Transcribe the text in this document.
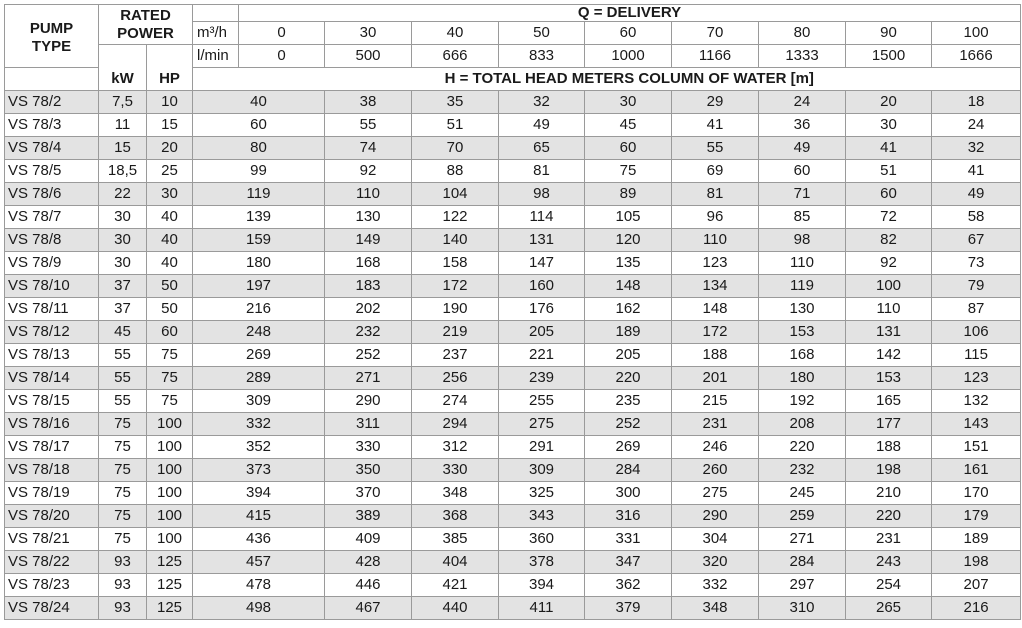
PUMP
TYPE	RATED
POWER			Q = DELIVERY								
			m³/h	0	30	40	50	60	70	80	90	100
	kW	HP	l/min	0	500	666	833	1000	1166	1333	1500	1666
				H = TOTAL HEAD METERS COLUMN OF WATER [m]								
VS 78/2	7,5	10	40		38	35	32	30	29	24	20	18
VS 78/3	11	15	60		55	51	49	45	41	36	30	24
VS 78/4	15	20	80		74	70	65	60	55	49	41	32
VS 78/5	18,5	25	99		92	88	81	75	69	60	51	41
VS 78/6	22	30	119		110	104	98	89	81	71	60	49
VS 78/7	30	40	139		130	122	114	105	96	85	72	58
VS 78/8	30	40	159		149	140	131	120	110	98	82	67
VS 78/9	30	40	180		168	158	147	135	123	110	92	73
VS 78/10	37	50	197		183	172	160	148	134	119	100	79
VS 78/11	37	50	216		202	190	176	162	148	130	110	87
VS 78/12	45	60	248		232	219	205	189	172	153	131	106
VS 78/13	55	75	269		252	237	221	205	188	168	142	115
VS 78/14	55	75	289		271	256	239	220	201	180	153	123
VS 78/15	55	75	309		290	274	255	235	215	192	165	132
VS 78/16	75	100	332		311	294	275	252	231	208	177	143
VS 78/17	75	100	352		330	312	291	269	246	220	188	151
VS 78/18	75	100	373		350	330	309	284	260	232	198	161
VS 78/19	75	100	394		370	348	325	300	275	245	210	170
VS 78/20	75	100	415		389	368	343	316	290	259	220	179
VS 78/21	75	100	436		409	385	360	331	304	271	231	189
VS 78/22	93	125	457		428	404	378	347	320	284	243	198
VS 78/23	93	125	478		446	421	394	362	332	297	254	207
VS 78/24	93	125	498		467	440	411	379	348	310	265	216
